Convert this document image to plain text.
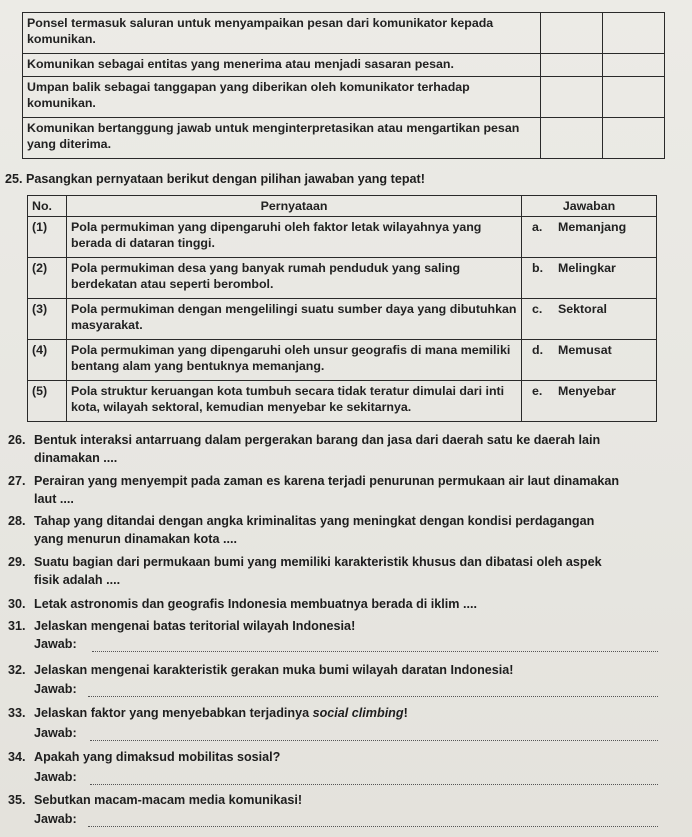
Ponsel termasuk saluran untuk menyampaikan pesan dari komunikator kepada komunikan.		
Komunikan sebagai entitas yang menerima atau menjadi sasaran pesan.		
Umpan balik sebagai tanggapan yang diberikan oleh komunikator terhadap komunikan.		
Komunikan bertanggung jawab untuk menginterpretasikan atau mengartikan pesan yang diterima.		
25. Pasangkan pernyataan berikut dengan pilihan jawaban yang tepat!
No.	Pernyataan	Jawaban
(1)	Pola permukiman yang dipengaruhi oleh faktor letak wilayahnya yang berada di dataran tinggi.	a. Memanjang
(2)	Pola permukiman desa yang banyak rumah penduduk yang saling berdekatan atau seperti berombol.	b. Melingkar
(3)	Pola permukiman dengan mengelilingi suatu sumber daya yang dibutuhkan masyarakat.	c. Sektoral
(4)	Pola permukiman yang dipengaruhi oleh unsur geografis di mana memiliki bentang alam yang bentuknya memanjang.	d. Memusat
(5)	Pola struktur keruangan kota tumbuh secara tidak teratur dimulai dari inti kota, wilayah sektoral, kemudian menyebar ke sekitarnya.	e. Menyebar
26. Bentuk interaksi antarruang dalam pergerakan barang dan jasa dari daerah satu ke daerah lain
dinamakan ....
27. Perairan yang menyempit pada zaman es karena terjadi penurunan permukaan air laut dinamakan
laut ....
28. Tahap yang ditandai dengan angka kriminalitas yang meningkat dengan kondisi perdagangan
yang menurun dinamakan kota ....
29. Suatu bagian dari permukaan bumi yang memiliki karakteristik khusus dan dibatasi oleh aspek
fisik adalah ....
30. Letak astronomis dan geografis Indonesia membuatnya berada di iklim ....
31. Jelaskan mengenai batas teritorial wilayah Indonesia!
Jawab:
32. Jelaskan mengenai karakteristik gerakan muka bumi wilayah daratan Indonesia!
Jawab:
33. Jelaskan faktor yang menyebabkan terjadinya social climbing!
Jawab:
34. Apakah yang dimaksud mobilitas sosial?
Jawab:
35. Sebutkan macam-macam media komunikasi!
Jawab:
